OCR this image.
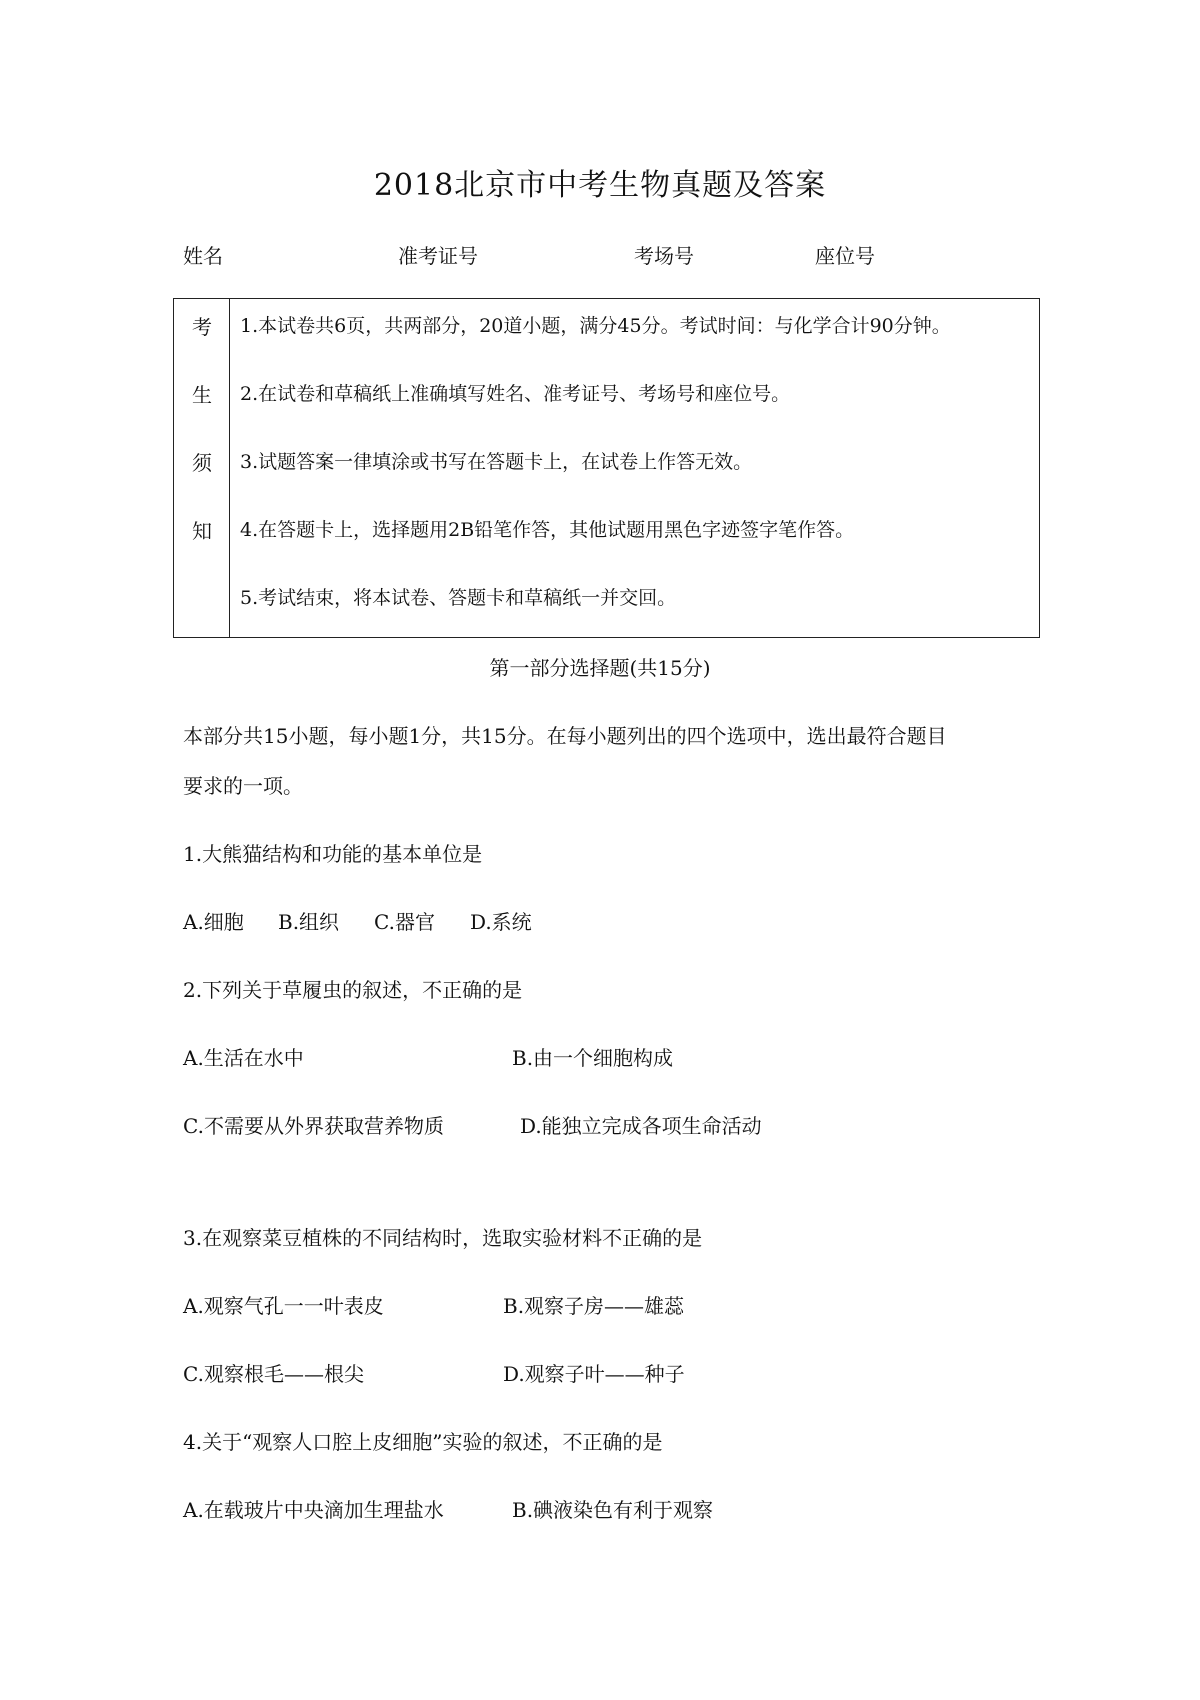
2018北京市中考生物真题及答案
姓名	准考证号	考场号	座位号
考
生
须
知
1.本试卷共6页，共两部分，20道小题，满分45分。考试时间：与化学合计90分钟。
2.在试卷和草稿纸上准确填写姓名、准考证号、考场号和座位号。
3.试题答案一律填涂或书写在答题卡上，在试卷上作答无效。
4.在答题卡上，选择题用2B铅笔作答，其他试题用黑色字迹签字笔作答。
5.考试结束，将本试卷、答题卡和草稿纸一并交回。
第一部分选择题(共15分)
本部分共15小题，每小题1分，共15分。在每小题列出的四个选项中，选出最符合题目
要求的一项。
1.大熊猫结构和功能的基本单位是
A.细胞 B.组织 C.器官 D.系统
2.下列关于草履虫的叙述，不正确的是
A.生活在水中	B.由一个细胞构成
C.不需要从外界获取营养物质	D.能独立完成各项生命活动
3.在观察菜豆植株的不同结构时，选取实验材料不正确的是
A.观察气孔一一叶表皮	B.观察子房——雄蕊
C.观察根毛——根尖	D.观察子叶——种子
4.关于“观察人口腔上皮细胞”实验的叙述，不正确的是
A.在载玻片中央滴加生理盐水	B.碘液染色有利于观察
